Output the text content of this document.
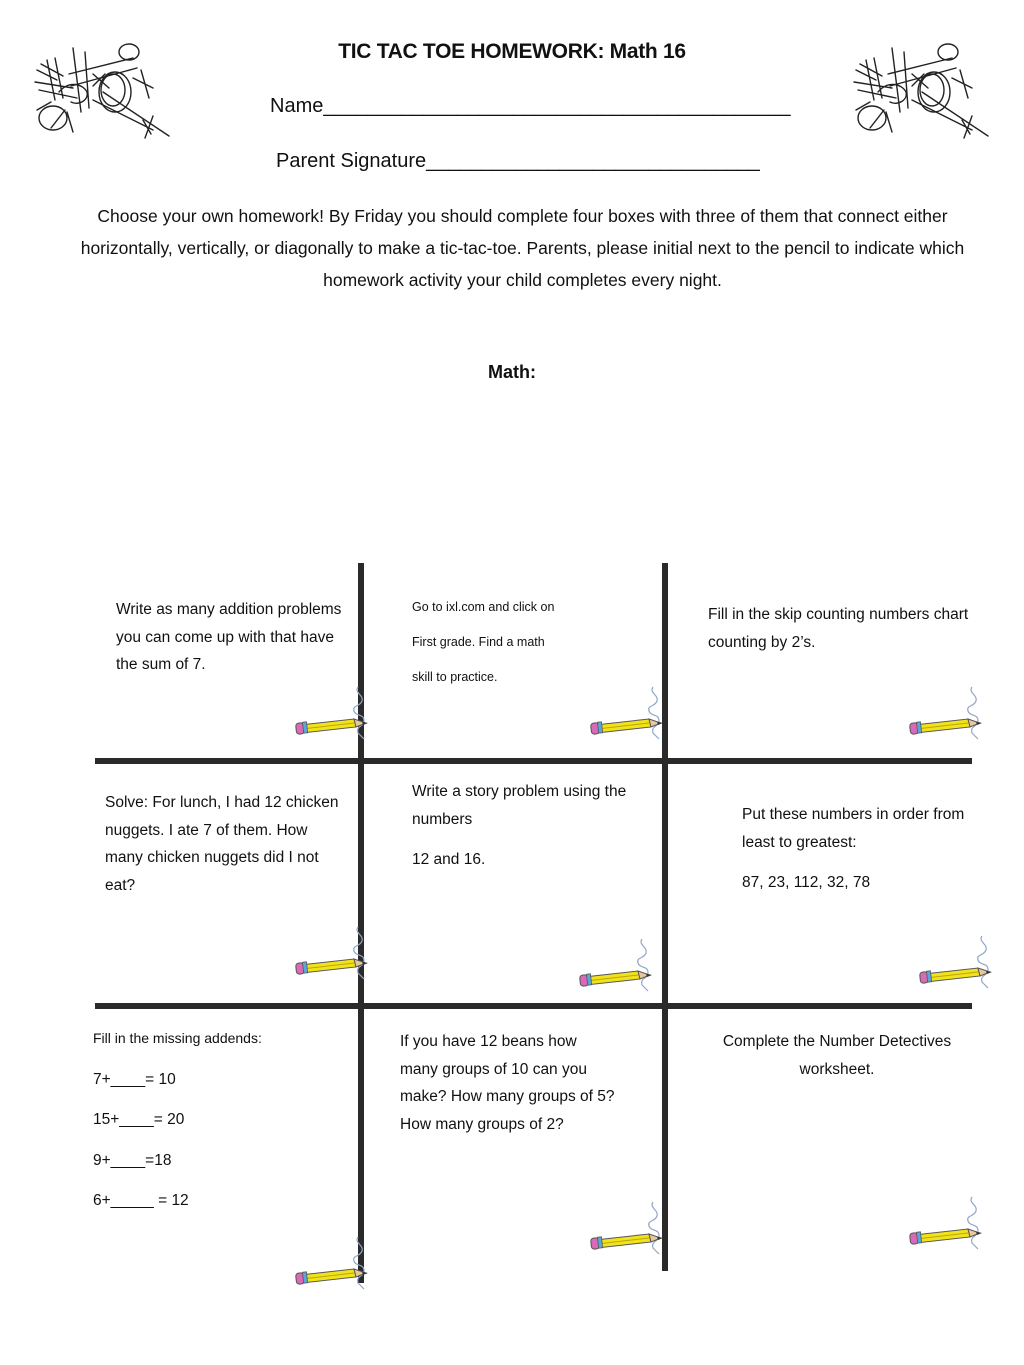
TIC TAC TOE HOMEWORK: Math 16
Name__________________________________________
Parent Signature______________________________
Choose your own homework! By Friday you should complete four boxes with three of them that connect either horizontally, vertically, or diagonally to make a tic-tac-toe. Parents, please initial next to the pencil to indicate which homework activity your child completes every night.
Math:

Write as many addition problems

you can come up with that have

the sum of 7.

Go to ixl.com and click on

First grade. Find a math

skill to practice.

Fill in the skip counting numbers chart

counting by 2’s.

Solve: For lunch, I had 12 chicken

nuggets. I ate 7 of them. How

many chicken nuggets did I not

eat?

Write a story problem using the

numbers

12 and 16.

Put these numbers in order from

least to greatest:

87, 23, 112, 32, 78

Fill in the missing addends:

7+____= 10

15+____= 20

9+____=18

6+_____ = 12

If you have 12 beans how

many groups of 10 can you

make? How many groups of 5?

How many groups of 2?

Complete the Number Detectives

worksheet.
